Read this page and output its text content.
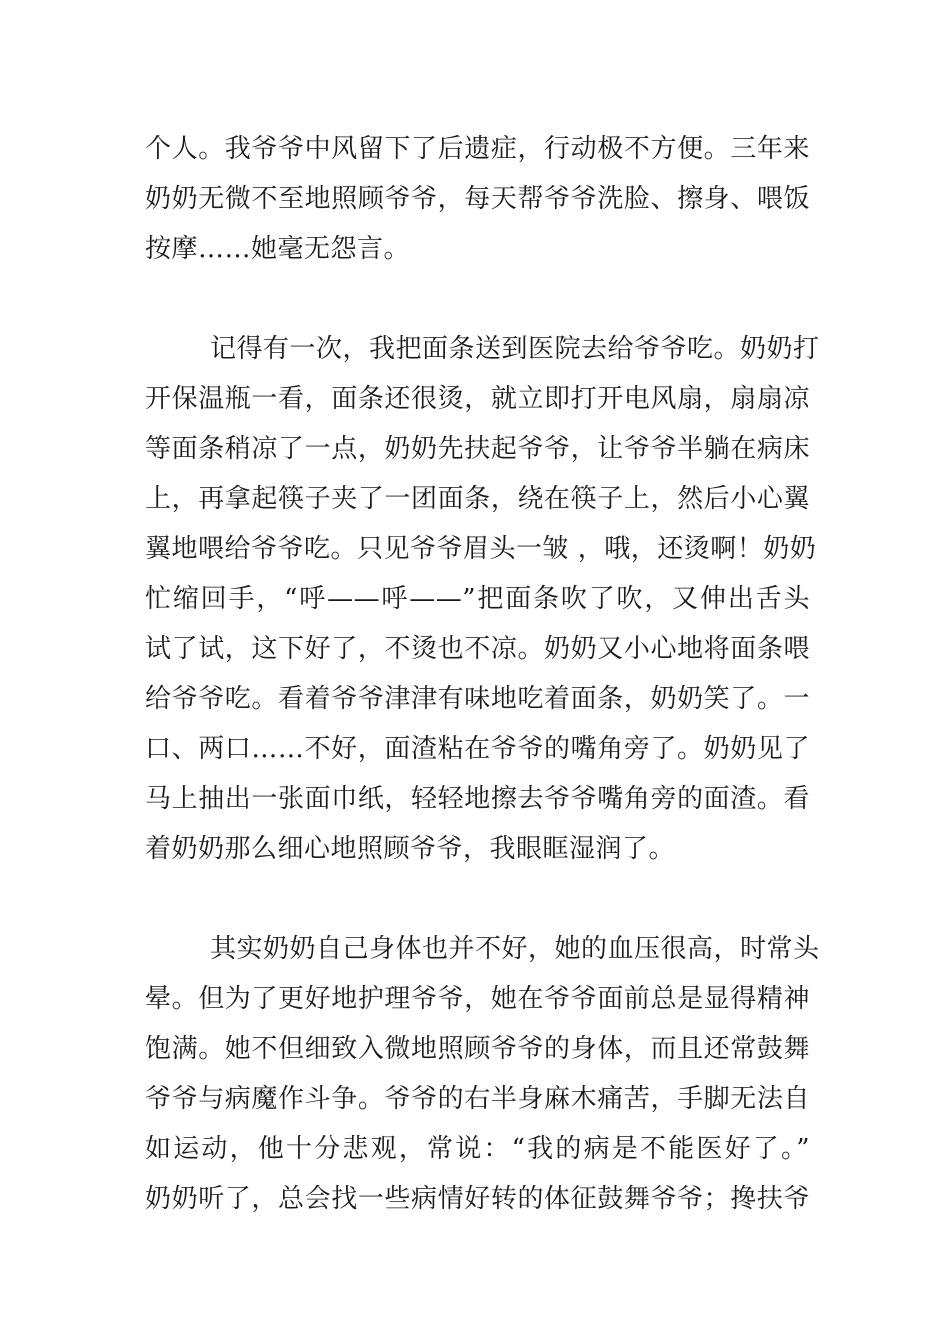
个人。我爷爷中风留下了后遗症，行动极不方便。三年来
奶奶无微不至地照顾爷爷，每天帮爷爷洗脸、擦身、喂饭
按摩……她毫无怨言。
记得有一次，我把面条送到医院去给爷爷吃。奶奶打
开保温瓶一看，面条还很烫，就立即打开电风扇，扇扇凉
等面条稍凉了一点，奶奶先扶起爷爷，让爷爷半躺在病床
上，再拿起筷子夹了一团面条，绕在筷子上，然后小心翼
翼地喂给爷爷吃。只见爷爷眉头一皱 ，哦，还烫啊！奶奶
忙缩回手，“呼——呼——”把面条吹了吹，又伸出舌头
试了试，这下好了，不烫也不凉。奶奶又小心地将面条喂
给爷爷吃。看着爷爷津津有味地吃着面条，奶奶笑了。一
口、两口……不好，面渣粘在爷爷的嘴角旁了。奶奶见了
马上抽出一张面巾纸，轻轻地擦去爷爷嘴角旁的面渣。看
着奶奶那么细心地照顾爷爷，我眼眶湿润了。
其实奶奶自己身体也并不好，她的血压很高，时常头
晕。但为了更好地护理爷爷，她在爷爷面前总是显得精神
饱满。她不但细致入微地照顾爷爷的身体，而且还常鼓舞
爷爷与病魔作斗争。爷爷的右半身麻木痛苦，手脚无法自
如运动，他十分悲观，常说：“我的病是不能医好了。”
奶奶听了，总会找一些病情好转的体征鼓舞爷爷；搀扶爷
